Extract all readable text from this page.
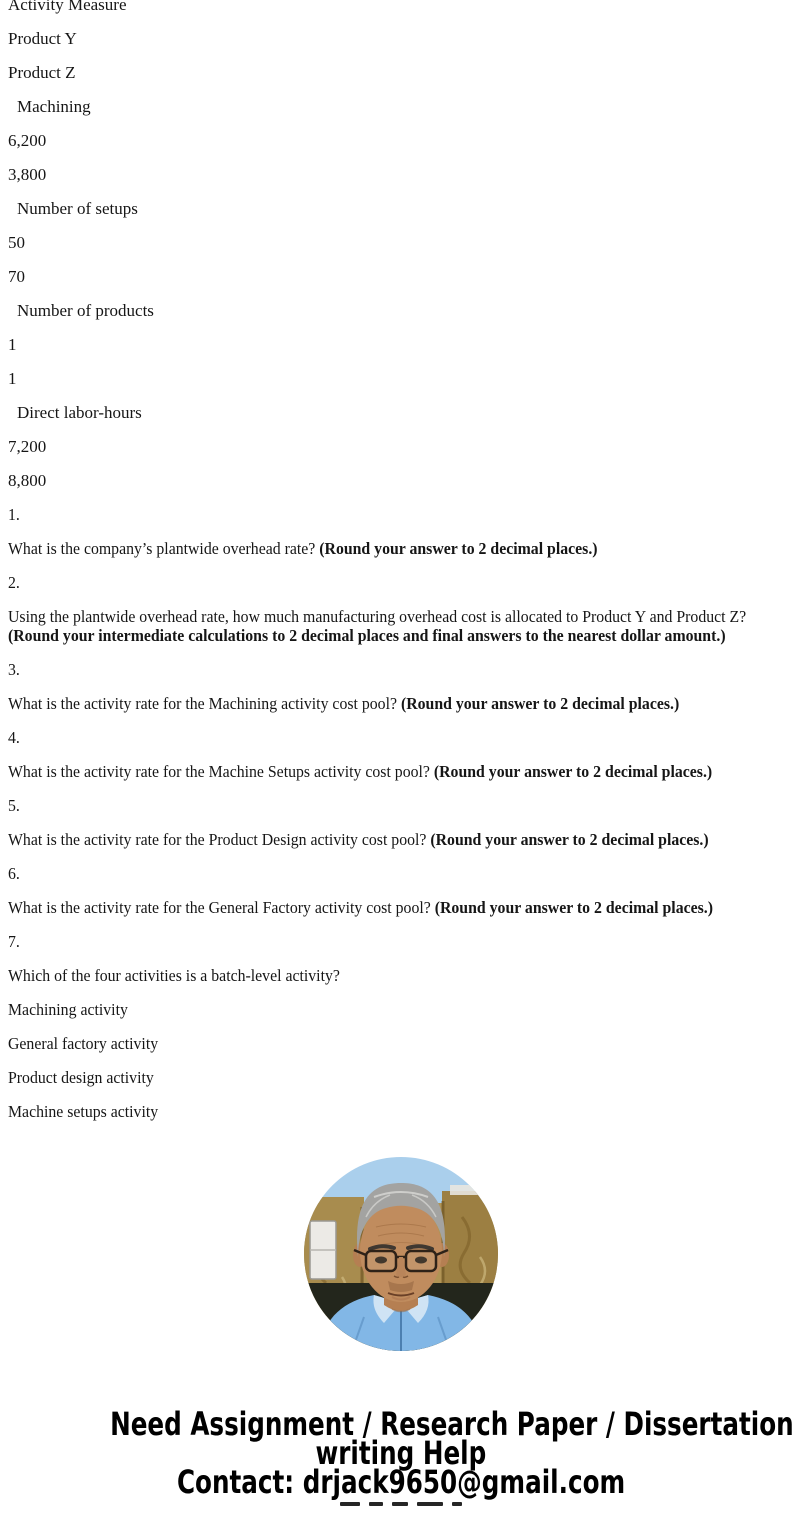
Activity Measure

Product Y

Product Z

Machining

6,200

3,800

Number of setups

50

70

Number of products

1

1

Direct labor-hours

7,200

8,800

1.

What is the company’s plantwide overhead rate? (Round your answer to 2 decimal places.)

2.

Using the plantwide overhead rate, how much manufacturing overhead cost is allocated to Product Y and Product Z?
(Round your intermediate calculations to 2 decimal places and final answers to the nearest dollar amount.)

3.

What is the activity rate for the Machining activity cost pool? (Round your answer to 2 decimal places.)

4.

What is the activity rate for the Machine Setups activity cost pool? (Round your answer to 2 decimal places.)

5.

What is the activity rate for the Product Design activity cost pool? (Round your answer to 2 decimal places.)

6.

What is the activity rate for the General Factory activity cost pool? (Round your answer to 2 decimal places.)

7.

Which of the four activities is a batch-level activity?

Machining activity

General factory activity

Product design activity

Machine setups activity

Need Assignment / Research Paper / Dissertation
writing Help
Contact: drjack9650@gmail.com
